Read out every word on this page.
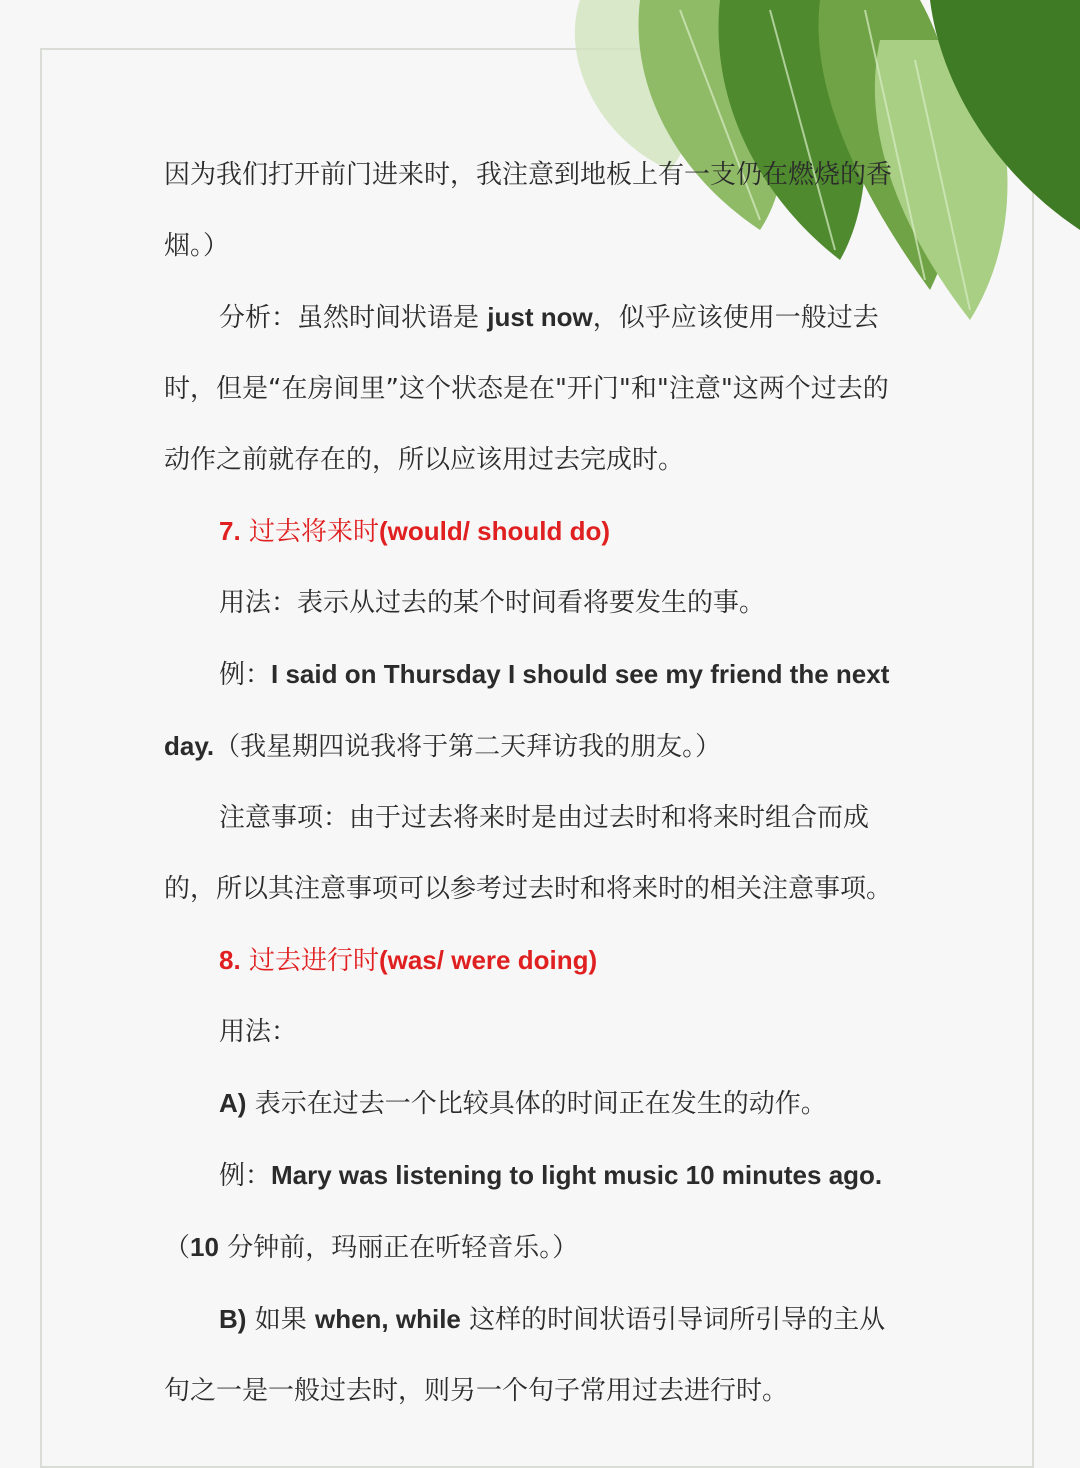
因为我们打开前门进来时，我注意到地板上有一支仍在燃烧的香

烟。）

分析：虽然时间状语是 just now，似乎应该使用一般过去

时，但是“在房间里”这个状态是在"开门"和"注意"这两个过去的

动作之前就存在的，所以应该用过去完成时。

7. 过去将来时(would/ should do)

用法：表示从过去的某个时间看将要发生的事。

例：I said on Thursday I should see my friend the next

day.（我星期四说我将于第二天拜访我的朋友。）

注意事项：由于过去将来时是由过去时和将来时组合而成

的，所以其注意事项可以参考过去时和将来时的相关注意事项。

8. 过去进行时(was/ were doing)

用法：

A) 表示在过去一个比较具体的时间正在发生的动作。

例：Mary was listening to light music 10 minutes ago.

（10 分钟前，玛丽正在听轻音乐。）

B) 如果 when, while 这样的时间状语引导词所引导的主从

句之一是一般过去时，则另一个句子常用过去进行时。
